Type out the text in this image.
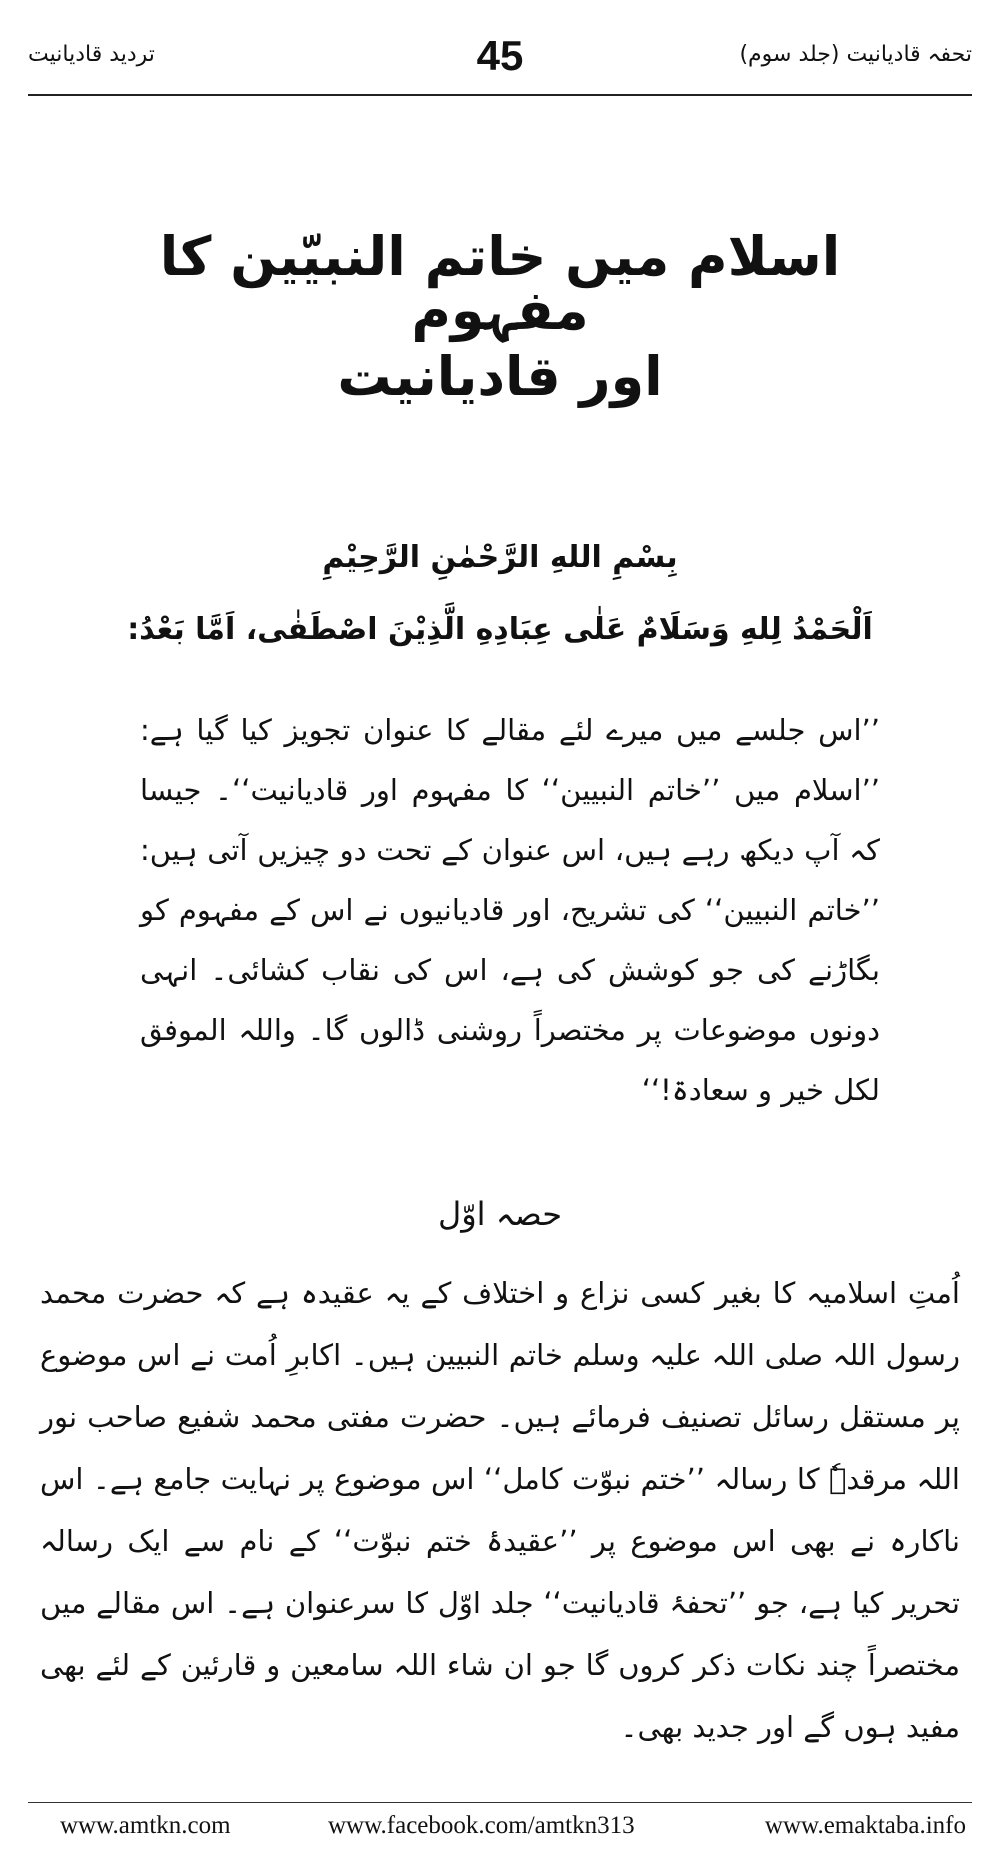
تردید قادیانیت	45	تحفہ قادیانیت (جلد سوم)
اسلام میں خاتم النبیّین کا مفہوم
اور قادیانیت
بِسْمِ اللهِ الرَّحْمٰنِ الرَّحِيْمِ
اَلْحَمْدُ لِلهِ وَسَلَامٌ عَلٰى عِبَادِهِ الَّذِيْنَ اصْطَفٰى، اَمَّا بَعْدُ:

’’اس جلسے میں میرے لئے مقالے کا عنوان تجویز کیا گیا ہے: ’’اسلام میں ’’خاتم النبیین‘‘ کا مفہوم اور قادیانیت‘‘۔ جیسا کہ آپ دیکھ رہے ہیں، اس عنوان کے تحت دو چیزیں آتی ہیں: ’’خاتم النبیین‘‘ کی تشریح، اور قادیانیوں نے اس کے مفہوم کو بگاڑنے کی جو کوشش کی ہے، اس کی نقاب کشائی۔ انہی دونوں موضوعات پر مختصراً روشنی ڈالوں گا۔ واللہ الموفق لکل خیر و سعادۃ!‘‘

حصہ اوّل

اُمتِ اسلامیہ کا بغیر کسی نزاع و اختلاف کے یہ عقیدہ ہے کہ حضرت محمد رسول اللہ صلی اللہ علیہ وسلم خاتم النبیین ہیں۔ اکابرِ اُمت نے اس موضوع پر مستقل رسائل تصنیف فرمائے ہیں۔ حضرت مفتی محمد شفیع صاحب نور اللہ مرقدہٗ کا رسالہ ’’ختم نبوّت کامل‘‘ اس موضوع پر نہایت جامع ہے۔ اس ناکارہ نے بھی اس موضوع پر ’’عقیدۂ ختم نبوّت‘‘ کے نام سے ایک رسالہ تحریر کیا ہے، جو ’’تحفۂ قادیانیت‘‘ جلد اوّل کا سرعنوان ہے۔ اس مقالے میں مختصراً چند نکات ذکر کروں گا جو ان شاء اللہ سامعین و قارئین کے لئے بھی مفید ہوں گے اور جدید بھی۔

www.amtkn.com	www.facebook.com/amtkn313	www.emaktaba.info
